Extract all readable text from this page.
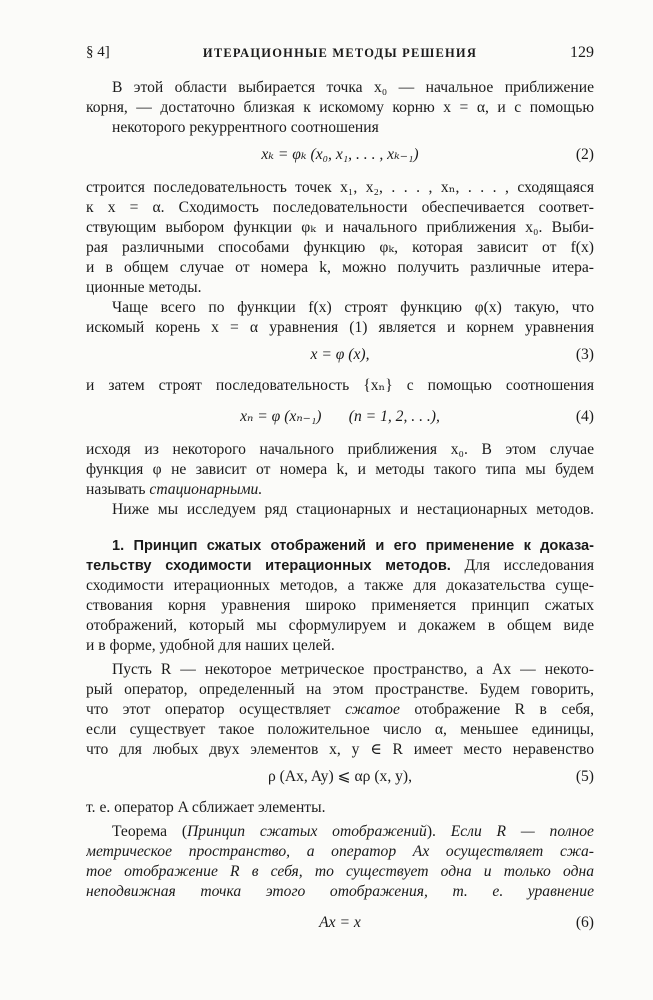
§ 4]	ИТЕРАЦИОННЫЕ МЕТОДЫ РЕШЕНИЯ	129
В этой области выбирается точка x₀ — начальное приближение
корня, — достаточно близкая к искомому корню x = α, и с помощью
некоторого рекуррентного соотношения
xₖ = φₖ (x₀, x₁, . . . , xₖ₋₁)	(2)
строится последовательность точек x₁, x₂, . . . , xₙ, . . . , сходящаяся
к x = α. Сходимость последовательности обеспечивается соответ-
ствующим выбором функции φₖ и начального приближения x₀. Выби-
рая различными способами функцию φₖ, которая зависит от f(x)
и в общем случае от номера k, можно получить различные итера-
ционные методы.
Чаще всего по функции f(x) строят функцию φ(x) такую, что
искомый корень x = α уравнения (1) является и корнем уравнения
x = φ (x),	(3)
и затем строят последовательность {xₙ} с помощью соотношения
xₙ = φ (xₙ₋₁)       (n = 1, 2, . . .),	(4)
исходя из некоторого начального приближения x₀. В этом случае
функция φ не зависит от номера k, и методы такого типа мы будем
называть стационарными.
Ниже мы исследуем ряд стационарных и нестационарных методов.
1. Принцип сжатых отображений и его применение к доказа-
тельству сходимости итерационных методов. Для исследования
сходимости итерационных методов, а также для доказательства суще-
ствования корня уравнения широко применяется принцип сжатых
отображений, который мы сформулируем и докажем в общем виде
и в форме, удобной для наших целей.
Пусть R — некоторое метрическое пространство, а Ax — некото-
рый оператор, определенный на этом пространстве. Будем говорить,
что этот оператор осуществляет сжатое отображение R в себя,
если существует такое положительное число α, меньшее единицы,
что для любых двух элементов x, y ∈ R имеет место неравенство
ρ (Ax, Ay) ⩽ αρ (x, y),	(5)
т. е. оператор A сближает элементы.
Теорема (Принцип сжатых отображений). Если R — полное
метрическое пространство, а оператор Ax осуществляет сжа-
тое отображение R в себя, то существует одна и только одна
неподвижная точка этого отображения, т. е. уравнение
Ax = x	(6)
